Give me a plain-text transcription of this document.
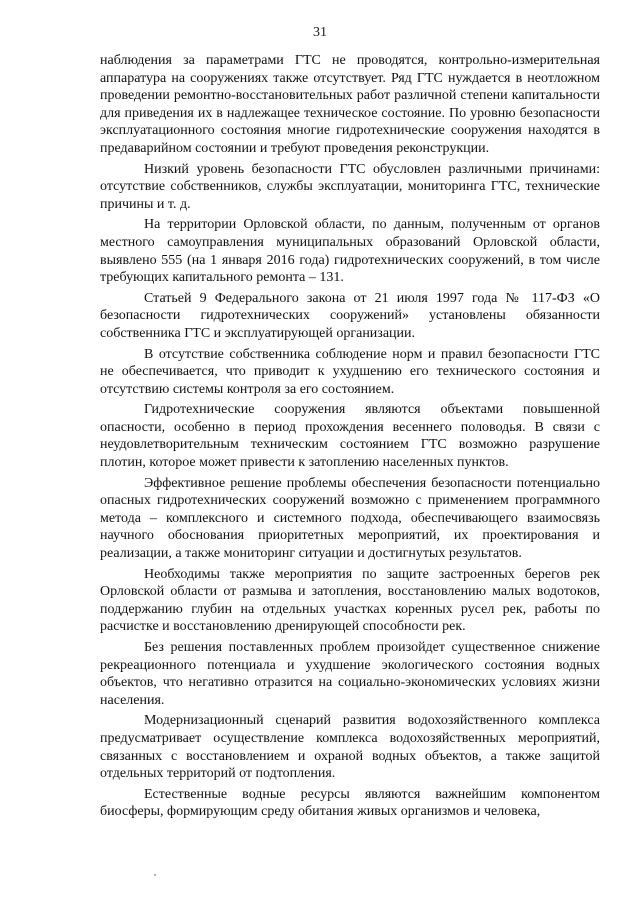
31

наблюдения за параметрами ГТС не проводятся, контрольно-измерительная аппаратура на сооружениях также отсутствует. Ряд ГТС нуждается в неотложном проведении ремонтно-восстановительных работ различной степени капитальности для приведения их в надлежащее техническое состояние. По уровню безопасности эксплуатационного состояния многие гидротехнические сооружения находятся в предаварийном состоянии и требуют проведения реконструкции.

Низкий уровень безопасности ГТС обусловлен различными причинами: отсутствие собственников, службы эксплуатации, мониторинга ГТС, технические причины и т. д.

На территории Орловской области, по данным, полученным от органов местного самоуправления муниципальных образований Орловской области, выявлено 555 (на 1 января 2016 года) гидротехнических сооружений, в том числе требующих капитального ремонта – 131.

Статьей 9 Федерального закона от 21 июля 1997 года № 117-ФЗ «О безопасности гидротехнических сооружений» установлены обязанности собственника ГТС и эксплуатирующей организации.

В отсутствие собственника соблюдение норм и правил безопасности ГТС не обеспечивается, что приводит к ухудшению его технического состояния и отсутствию системы контроля за его состоянием.

Гидротехнические сооружения являются объектами повышенной опасности, особенно в период прохождения весеннего половодья. В связи с неудовлетворительным техническим состоянием ГТС возможно разрушение плотин, которое может привести к затоплению населенных пунктов.

Эффективное решение проблемы обеспечения безопасности потенциально опасных гидротехнических сооружений возможно с применением программного метода – комплексного и системного подхода, обеспечивающего взаимосвязь научного обоснования приоритетных мероприятий, их проектирования и реализации, а также мониторинг ситуации и достигнутых результатов.

Необходимы также мероприятия по защите застроенных берегов рек Орловской области от размыва и затопления, восстановлению малых водотоков, поддержанию глубин на отдельных участках коренных русел рек, работы по расчистке и восстановлению дренирующей способности рек.

Без решения поставленных проблем произойдет существенное снижение рекреационного потенциала и ухудшение экологического состояния водных объектов, что негативно отразится на социально-экономических условиях жизни населения.

Модернизационный сценарий развития водохозяйственного комплекса предусматривает осуществление комплекса водохозяйственных мероприятий, связанных с восстановлением и охраной водных объектов, а также защитой отдельных территорий от подтопления.

Естественные водные ресурсы являются важнейшим компонентом биосферы, формирующим среду обитания живых организмов и человека,
